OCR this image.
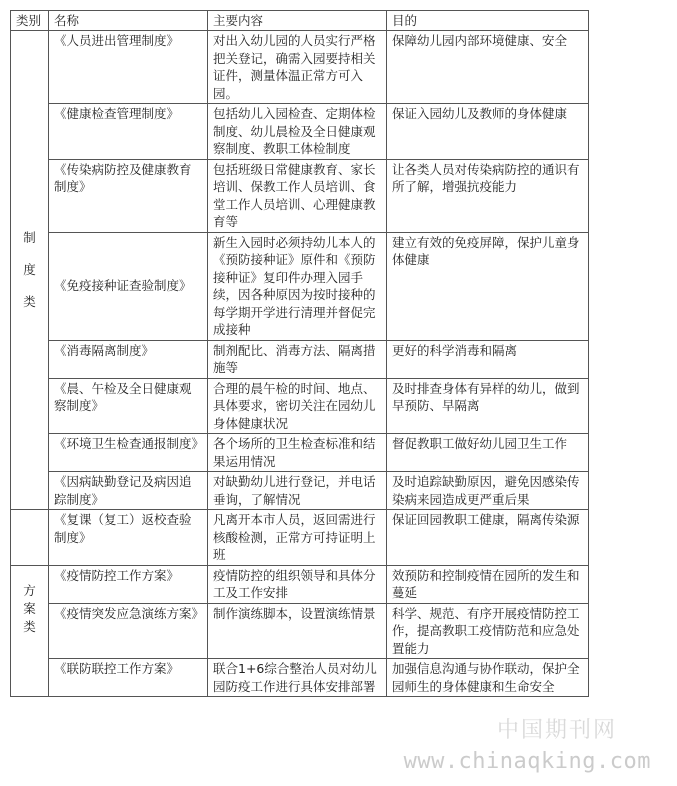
类别	名称	主要内容	目的

制度类	《人员进出管理制度》	对出入幼儿园的人员实行严格把关登记，确需入园要持相关证件，测量体温正常方可入园。	保障幼儿园内部环境健康、安全
	《健康检查管理制度》	包括幼儿入园检查、定期体检制度、幼儿晨检及全日健康观察制度、教职工体检制度	保证入园幼儿及教师的身体健康
	《传染病防控及健康教育制度》	包括班级日常健康教育、家长培训、保教工作人员培训、食堂工作人员培训、心理健康教育等	让各类人员对传染病防控的通识有所了解，增强抗疫能力
	《免疫接种证查验制度》	新生入园时必须持幼儿本人的《预防接种证》原件和《预防接种证》复印件办理入园手续，因各种原因为按时接种的每学期开学进行清理并督促完成接种	建立有效的免疫屏障，保护儿童身体健康
	《消毒隔离制度》	制剂配比、消毒方法、隔离措施等	更好的科学消毒和隔离
	《晨、午检及全日健康观察制度》	合理的晨午检的时间、地点、具体要求，密切关注在园幼儿身体健康状况	及时排查身体有异样的幼儿，做到早预防、早隔离
	《环境卫生检查通报制度》	各个场所的卫生检查标准和结果运用情况	督促教职工做好幼儿园卫生工作
	《因病缺勤登记及病因追踪制度》	对缺勤幼儿进行登记，并电话垂询，了解情况	及时追踪缺勤原因，避免因感染传染病来园造成更严重后果
	《复课（复工）返校查验制度》	凡离开本市人员，返回需进行核酸检测，正常方可持证明上班	保证回园教职工健康，隔离传染源

方案类	《疫情防控工作方案》	疫情防控的组织领导和具体分工及工作安排	效预防和控制疫情在园所的发生和蔓延
	《疫情突发应急演练方案》	制作演练脚本，设置演练情景	科学、规范、有序开展疫情防控工作，提高教职工疫情防范和应急处置能力
	《联防联控工作方案》	联合1+6综合整治人员对幼儿园防疫工作进行具体安排部署	加强信息沟通与协作联动，保护全园师生的身体健康和生命安全
中国期刊网
www.chinaqking.com
